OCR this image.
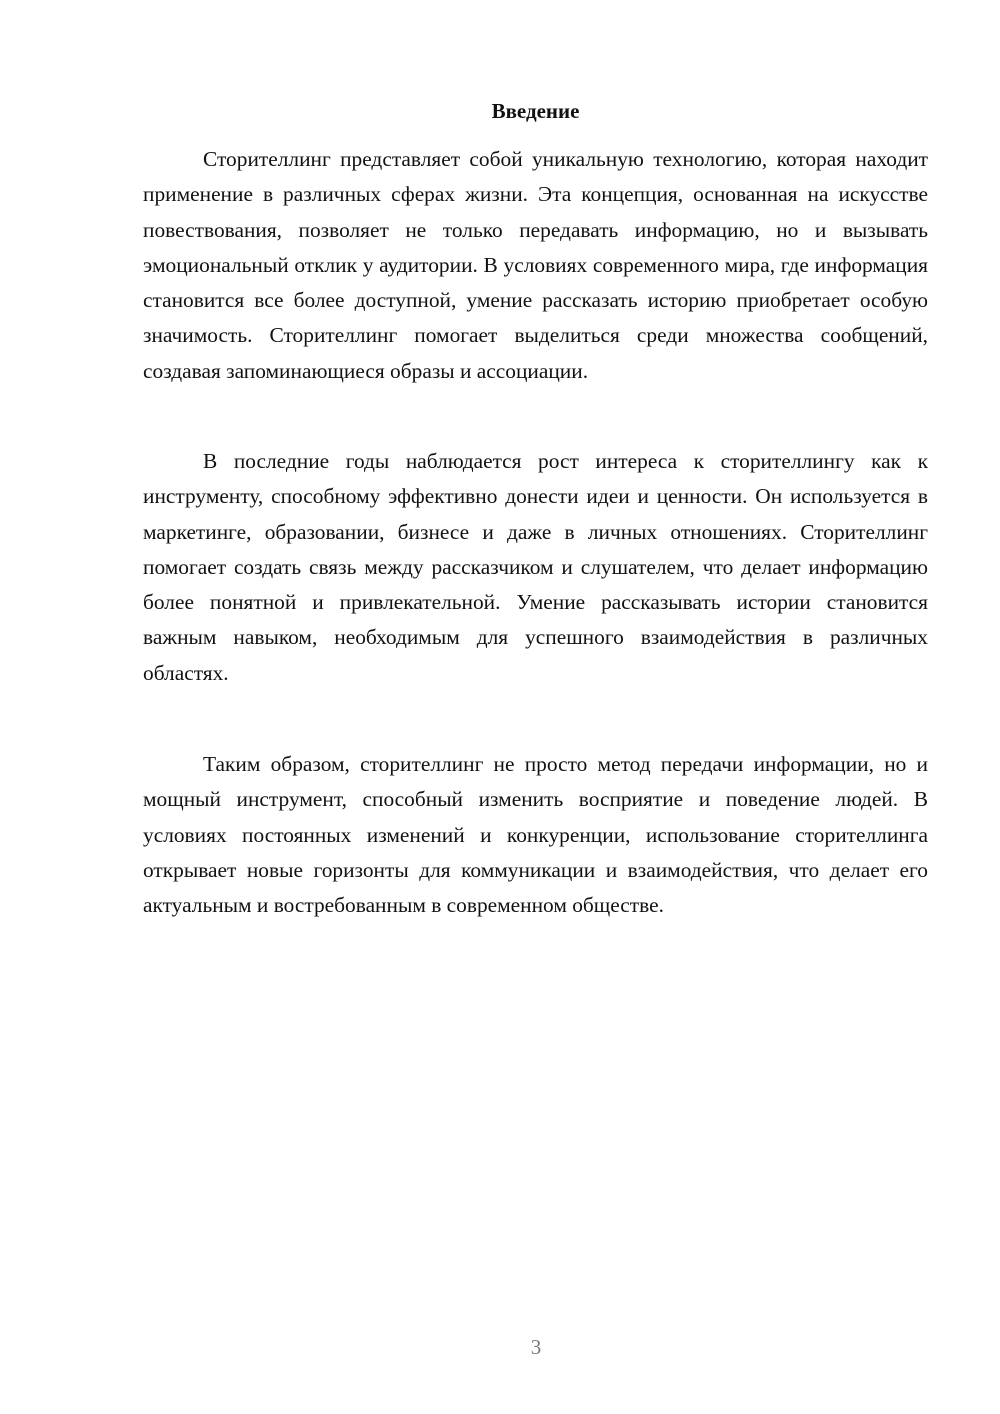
Введение

Сторителлинг представляет собой уникальную технологию, которая находит применение в различных сферах жизни. Эта концепция, основанная на искусстве повествования, позволяет не только передавать информацию, но и вызывать эмоциональный отклик у аудитории. В условиях современного мира, где информация становится все более доступной, умение рассказать историю приобретает особую значимость. Сторителлинг помогает выделиться среди множества сообщений, создавая запоминающиеся образы и ассоциации.

В последние годы наблюдается рост интереса к сторителлингу как к инструменту, способному эффективно донести идеи и ценности. Он используется в маркетинге, образовании, бизнесе и даже в личных отношениях. Сторителлинг помогает создать связь между рассказчиком и слушателем, что делает информацию более понятной и привлекательной. Умение рассказывать истории становится важным навыком, необходимым для успешного взаимодействия в различных областях.

Таким образом, сторителлинг не просто метод передачи информации, но и мощный инструмент, способный изменить восприятие и поведение людей. В условиях постоянных изменений и конкуренции, использование сторителлинга открывает новые горизонты для коммуникации и взаимодействия, что делает его актуальным и востребованным в современном обществе.

3
